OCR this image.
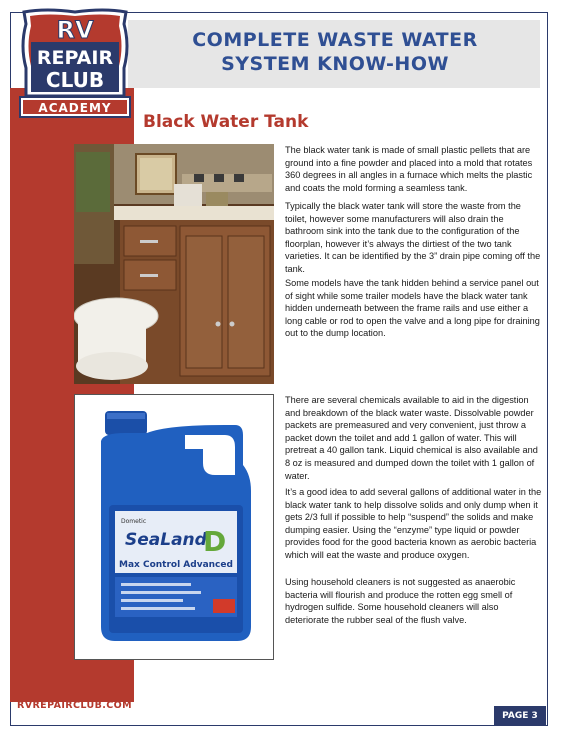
COMPLETE WASTE WATER
SYSTEM KNOW-HOW
RV
REPAIR
CLUB
ACADEMY
Black Water Tank
Dometic
SeaLand
D
Max Control Advanced

The black water tank is made of small plastic pellets that are ground into a fine powder and placed into a mold that rotates 360 degrees in all angles in a furnace which melts the plastic and coats the mold forming a seamless tank.

Typically the black water tank will store the waste from the toilet, however some manufacturers will also drain the bathroom sink into the tank due to the configuration of the floorplan, however it’s always the dirtiest of the two tank varieties. It can be identified by the 3” drain pipe coming off the tank.

Some models have the tank hidden behind a service panel out of sight while some trailer models have the black water tank hidden underneath between the frame rails and use either a long cable or rod to open the valve and a long pipe for draining out to the dump location.

There are several chemicals available to aid in the digestion and breakdown of the black water waste. Dissolvable powder packets are premeasured and very convenient, just throw a packet down the toilet and add 1 gallon of water. This will pretreat a 40 gallon tank. Liquid chemical is also available and 8 oz is measured and dumped down the toilet with 1 gallon of water.

It’s a good idea to add several gallons of additional water in the black water tank to help dissolve solids and only dump when it gets 2/3 full if possible to help “suspend” the solids and make dumping easier. Using the “enzyme” type liquid or powder provides food for the good bacteria known as aerobic bacteria which will eat the waste and produce oxygen.

Using household cleaners is not suggested as anaerobic bacteria will flourish and produce the rotten egg smell of hydrogen sulfide. Some household cleaners will also deteriorate the rubber seal of the flush valve.

RVREPAIRCLUB.COM
PAGE 3
